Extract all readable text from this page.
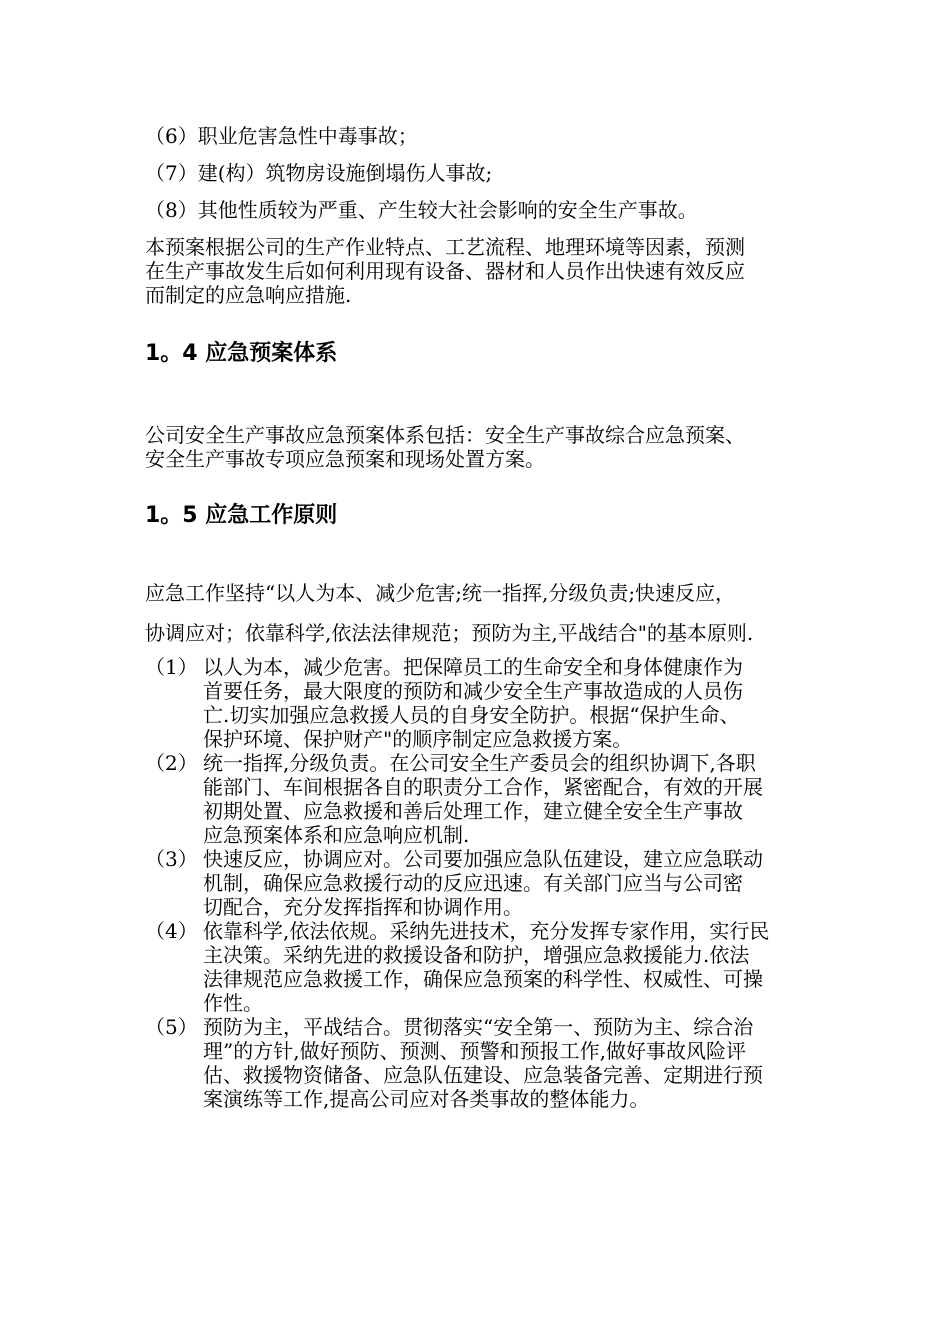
（6）职业危害急性中毒事故；
（7）建(构）筑物房设施倒塌伤人事故;
（8）其他性质较为严重、产生较大社会影响的安全生产事故。
本预案根据公司的生产作业特点、工艺流程、地理环境等因素，预测
在生产事故发生后如何利用现有设备、器材和人员作出快速有效反应
而制定的应急响应措施.
1。4 应急预案体系
公司安全生产事故应急预案体系包括：安全生产事故综合应急预案、
安全生产事故专项应急预案和现场处置方案。
1。5 应急工作原则
应急工作坚持“以人为本、减少危害;统一指挥,分级负责;快速反应，
协调应对；依靠科学,依法法律规范；预防为主,平战结合"的基本原则.
（1） 以人为本，减少危害。把保障员工的生命安全和身体健康作为
首要任务，最大限度的预防和减少安全生产事故造成的人员伤
亡.切实加强应急救援人员的自身安全防护。根据“保护生命、
保护环境、保护财产"的顺序制定应急救援方案。
（2） 统一指挥,分级负责。在公司安全生产委员会的组织协调下,各职
能部门、车间根据各自的职责分工合作，紧密配合，有效的开展
初期处置、应急救援和善后处理工作，建立健全安全生产事故
应急预案体系和应急响应机制.
（3） 快速反应，协调应对。公司要加强应急队伍建设，建立应急联动
机制，确保应急救援行动的反应迅速。有关部门应当与公司密
切配合，充分发挥指挥和协调作用。
（4） 依靠科学,依法依规。采纳先进技术，充分发挥专家作用，实行民
主决策。采纳先进的救援设备和防护，增强应急救援能力.依法
法律规范应急救援工作，确保应急预案的科学性、权威性、可操
作性。
（5） 预防为主，平战结合。贯彻落实“安全第一、预防为主、综合治
理”的方针,做好预防、预测、预警和预报工作,做好事故风险评
估、救援物资储备、应急队伍建设、应急装备完善、定期进行预
案演练等工作,提高公司应对各类事故的整体能力。
